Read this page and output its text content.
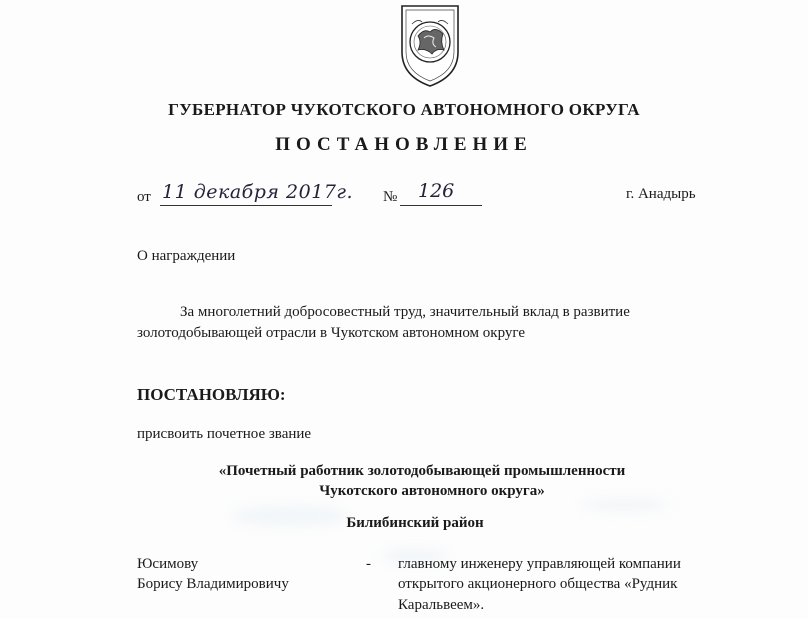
ГУБЕРНАТОР ЧУКОТСКОГО АВТОНОМНОГО ОКРУГА
ПОСТАНОВЛЕНИЕ
от 11 декабря 2017г. № 126	г. Анадырь
О награждении
За многолетний добросовестный труд, значительный вклад в развитие
золотодобывающей отрасли в Чукотском автономном округе
ПОСТАНОВЛЯЮ:
присвоить почетное звание
«Почетный работник золотодобывающей промышленности
Чукотского автономного округа»
Билибинский район
Юсимову
Борису Владимировичу
- главному инженеру управляющей компании
открытого акционерного общества «Рудник
Каральвеем».
